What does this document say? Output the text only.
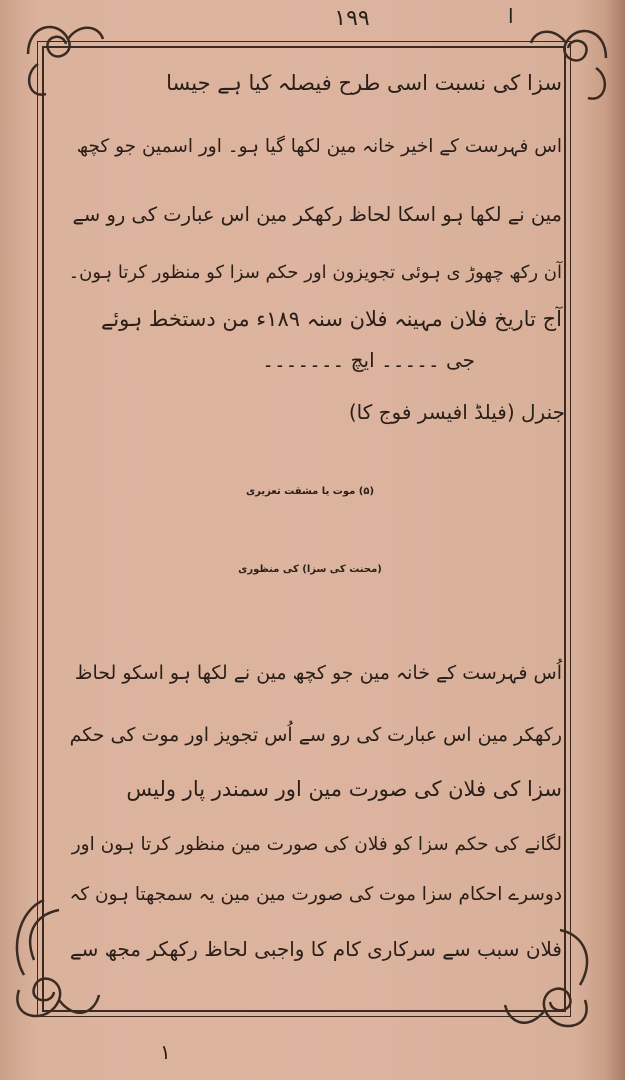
۱۹۹	ا
سزا کی نسبت اسی طرح فیصلہ کیا ہے جیسا
اس فہرست کے اخیر خانہ مین لکھا گیا ہو۔ اور اسمین جو کچھ
مین نے لکھا ہو اسکا لحاظ رکھکر مین اس عبارت کی رو سے
آن رکھ چھوڑ ی ہوئی تجویزون اور حکم سزا کو منظور کرتا ہون۔
آج تاریخ فلان مہینہ فلان سنہ ۱۸۹ء من دستخط ہوئے
جی ۔۔۔۔۔ ایچ ۔۔۔۔۔۔۔
جنرل (فیلڈ افیسر فوج کا)
(۵) موت یا مشقت تعزیری
(محنت کی سزا) کی منظوری
اُس فہرست کے خانہ مین جو کچھ مین نے لکھا ہو اسکو لحاظ
رکھکر مین اس عبارت کی رو سے اُس تجویز اور موت کی حکم
سزا کی فلان کی صورت مین اور سمندر پار ولیس
لگانے کی حکم سزا کو فلان کی صورت مین منظور کرتا ہون اور
دوسرے احکام سزا موت کی صورت مین مین یہ سمجھتا ہون کہ
فلان سبب سے سرکاری کام کا واجبی لحاظ رکھکر مجھ سے
۱
